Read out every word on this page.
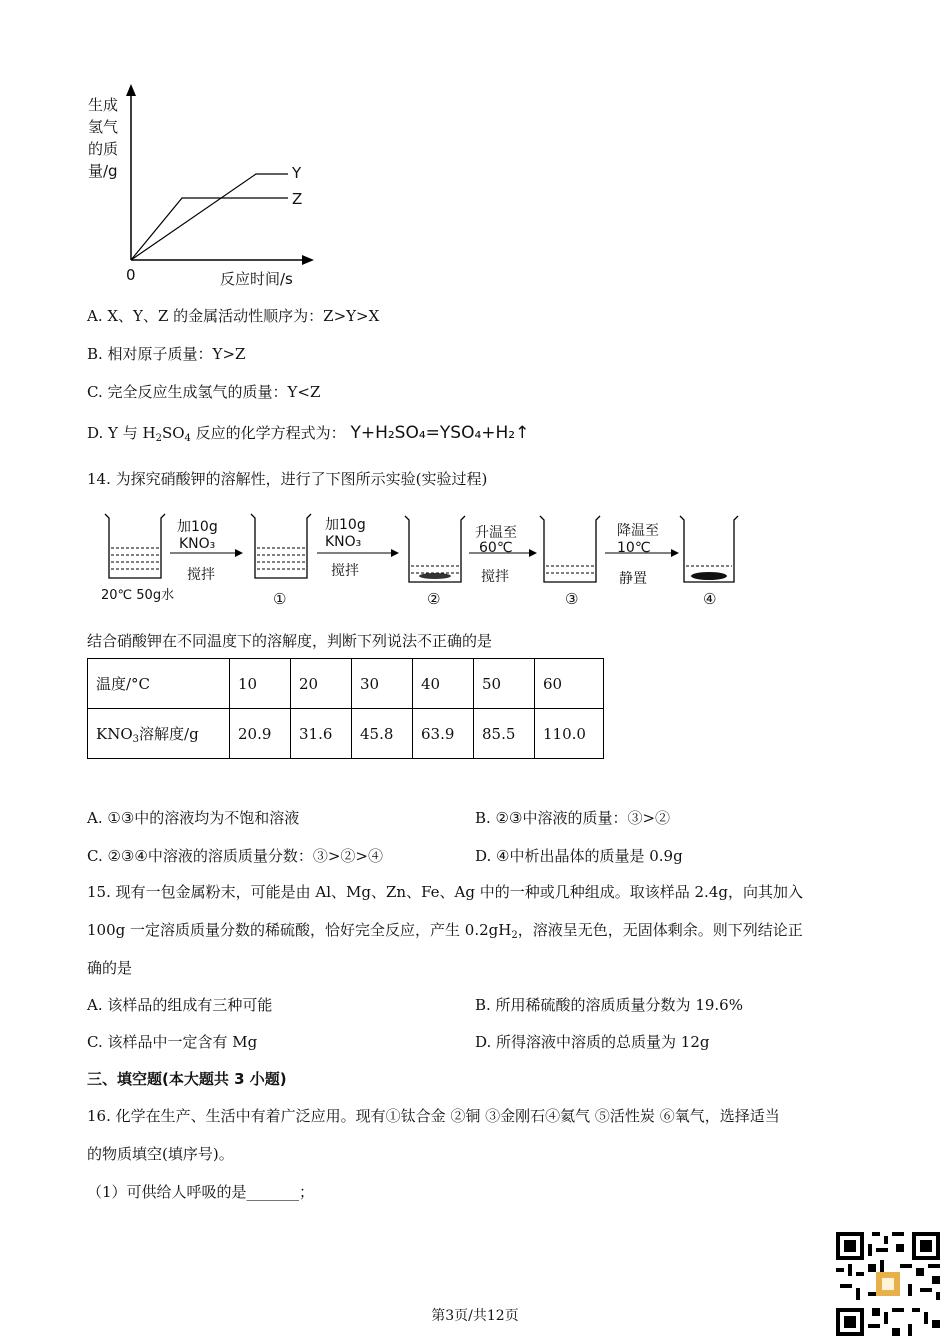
生成
氢气
的质
量/g	Y
Z
0	反应时间/s
A. X、Y、Z 的金属活动性顺序为：Z>Y>X
B. 相对原子质量：Y>Z
C. 完全反应生成氢气的质量：Y<Z
D. Y 与 $H_2SO_4$ 反应的化学方程式为： Y+H₂SO₄=YSO₄+H₂↑
14. 为探究硝酸钾的溶解性，进行了下图所示实验(实验过程)
加10g
KNO₃
搅拌
加10g
KNO₃
搅拌
升温至
60℃
搅拌
降温至
10℃
静置
20℃ 50g水	①	②	③	④
结合硝酸钾在不同温度下的溶解度，判断下列说法不正确的是
温度/°C	10	20	30	40	50	60
$KNO_3$溶解度/g	20.9	31.6	45.8	63.9	85.5	110.0
A. ①③中的溶液均为不饱和溶液	B. ②③中溶液的质量：③>②
C. ②③④中溶液的溶质质量分数：③>②>④	D. ④中析出晶体的质量是 0.9g
15. 现有一包金属粉末，可能是由 Al、Mg、Zn、Fe、Ag 中的一种或几种组成。取该样品 2.4g，向其加入
100g 一定溶质质量分数的稀硫酸，恰好完全反应，产生 $0.2gH_2$，溶液呈无色，无固体剩余。则下列结论正
确的是
A. 该样品的组成有三种可能	B. 所用稀硫酸的溶质质量分数为 19.6%
C. 该样品中一定含有 Mg	D. 所得溶液中溶质的总质量为 12g
三、填空题(本大题共 3 小题)
16. 化学在生产、生活中有着广泛应用。现有①钛合金 ②铜 ③金刚石④氦气 ⑤活性炭 ⑥氧气，选择适当
的物质填空(填序号)。
（1）可供给人呼吸的是_______；
第3页/共12页
